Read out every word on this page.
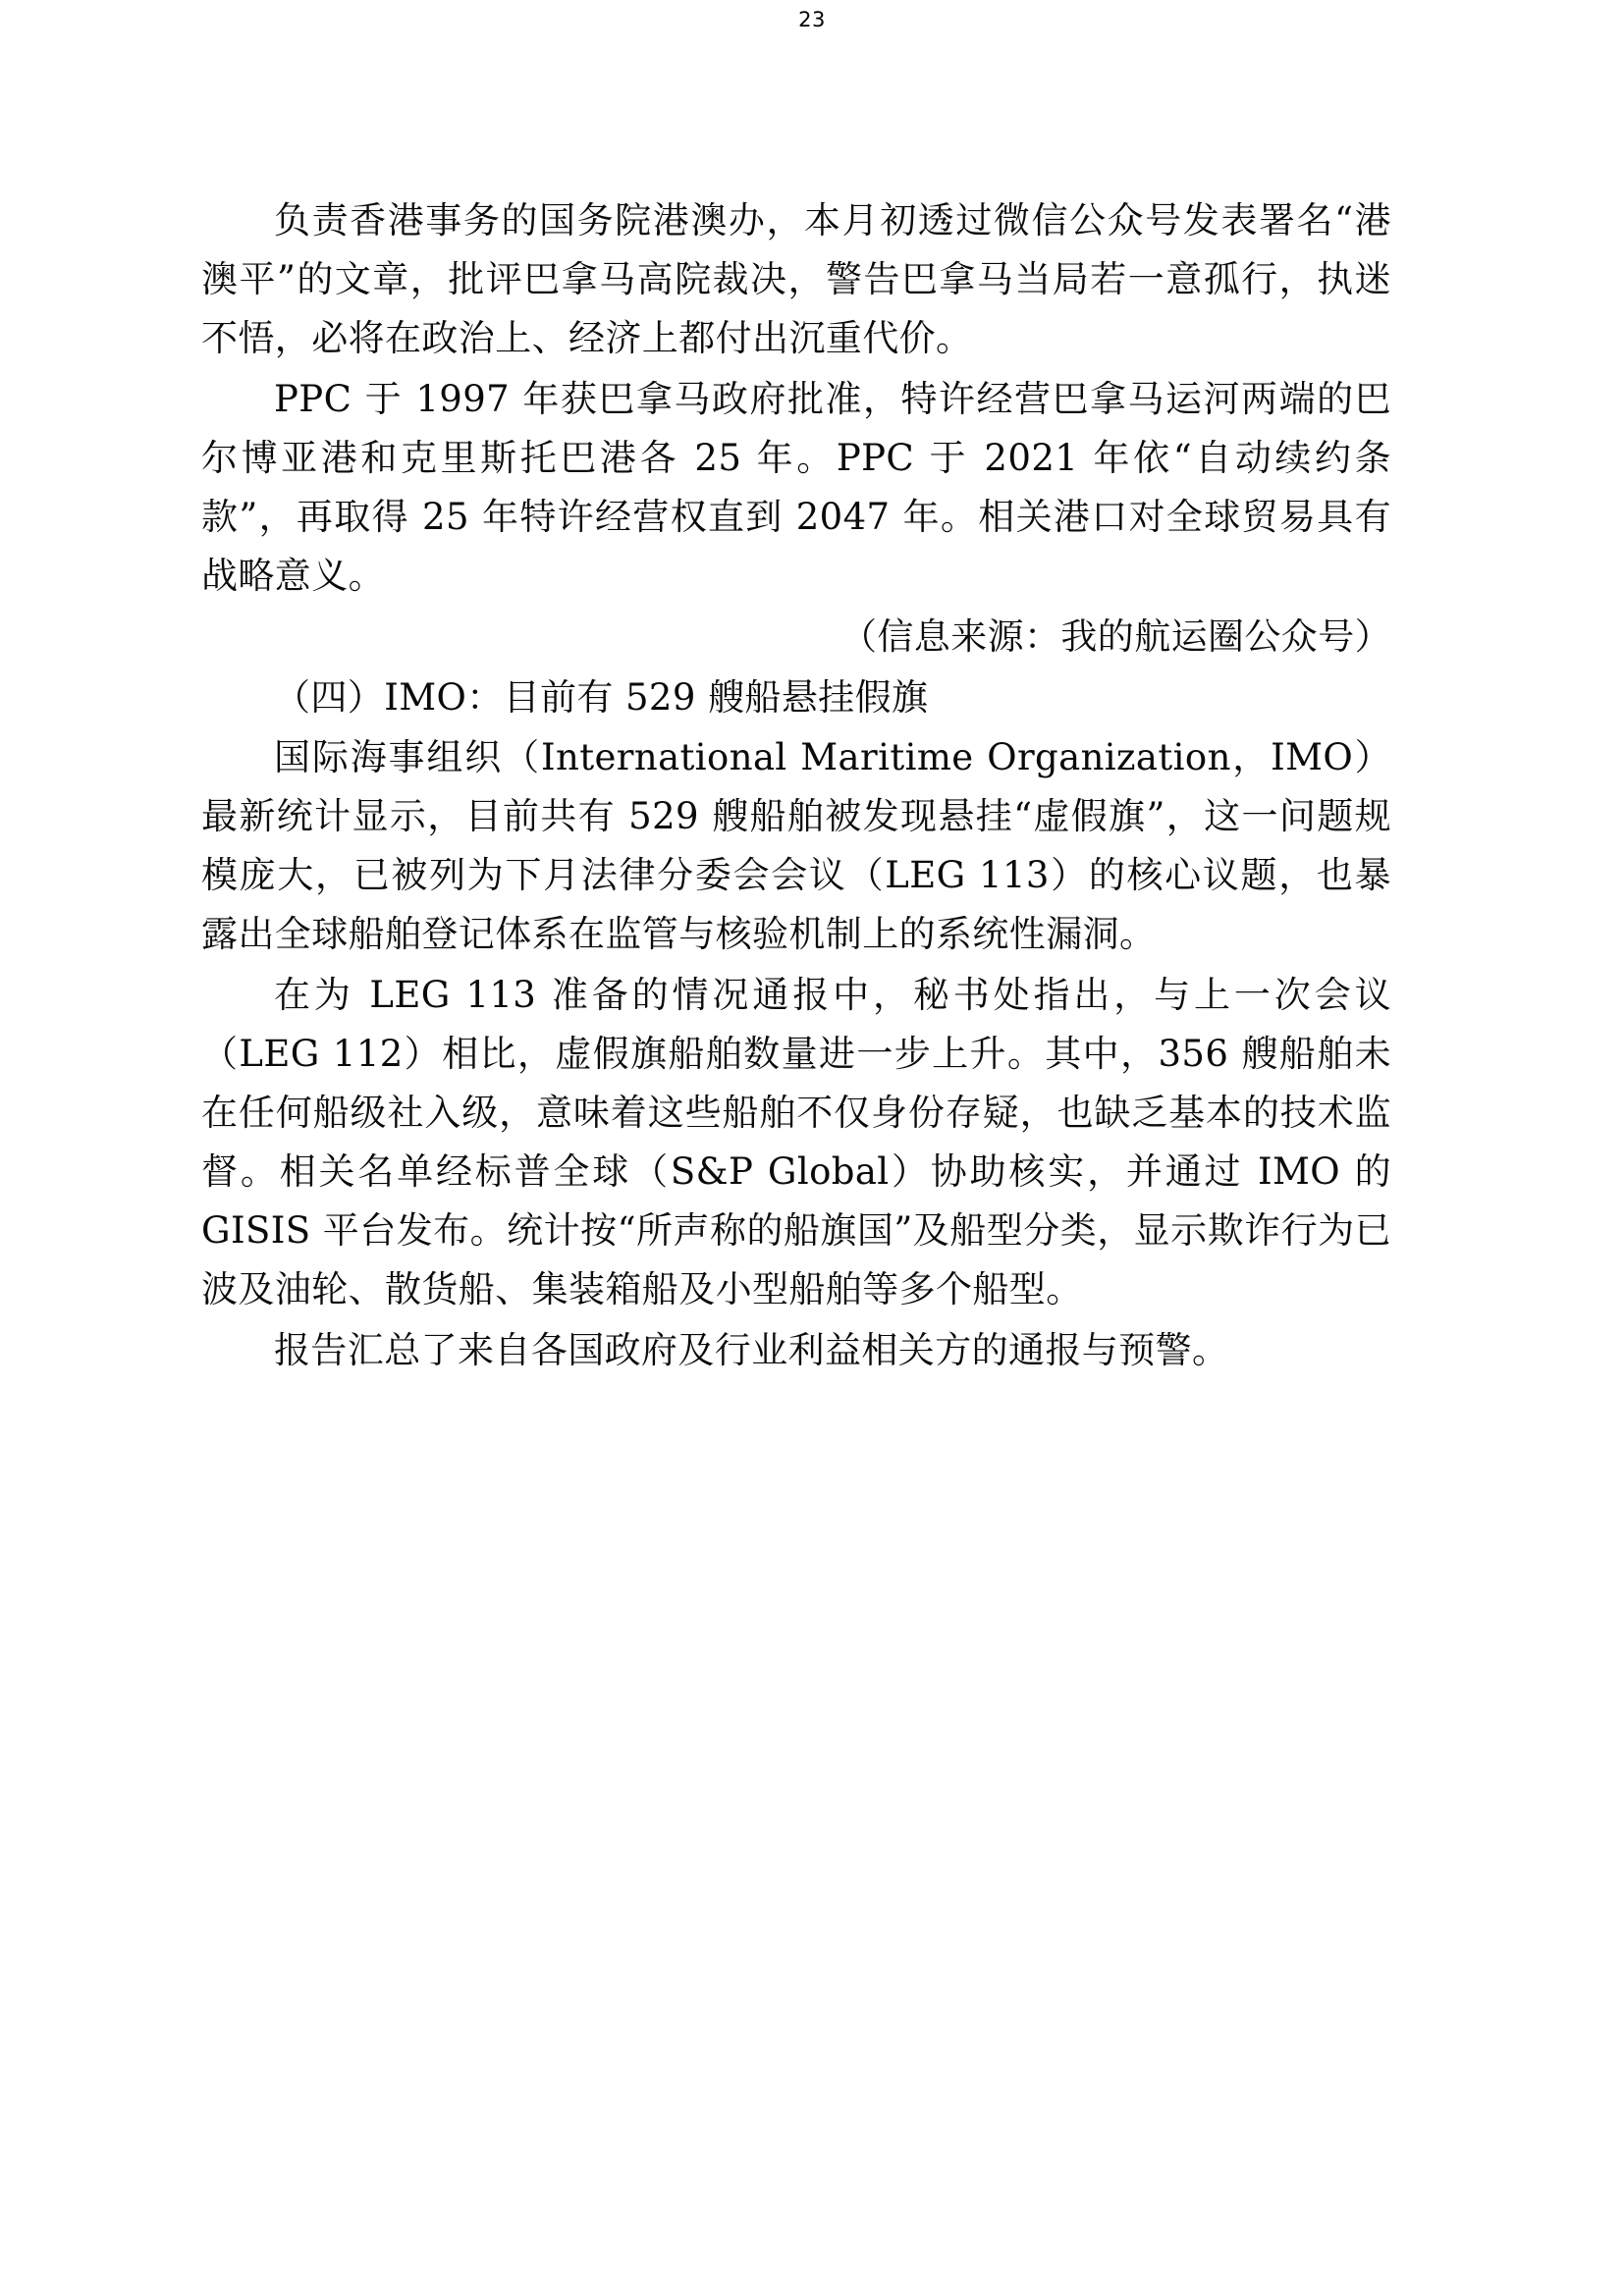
23

负责香港事务的国务院港澳办，本月初透过微信公众号发表署名“港澳平”的文章，批评巴拿马高院裁决，警告巴拿马当局若一意孤行，执迷不悟，必将在政治上、经济上都付出沉重代价。

PPC 于 1997 年获巴拿马政府批准，特许经营巴拿马运河两端的巴尔博亚港和克里斯托巴港各 25 年。PPC 于 2021 年依“自动续约条款”，再取得 25 年特许经营权直到 2047 年。相关港口对全球贸易具有战略意义。

（信息来源：我的航运圈公众号）

（四）IMO：目前有 529 艘船悬挂假旗

国际海事组织（International Maritime Organization，IMO）最新统计显示，目前共有 529 艘船舶被发现悬挂“虚假旗”，这一问题规模庞大，已被列为下月法律分委会会议（LEG 113）的核心议题，也暴露出全球船舶登记体系在监管与核验机制上的系统性漏洞。

在为 LEG 113 准备的情况通报中，秘书处指出，与上一次会议（LEG 112）相比，虚假旗船舶数量进一步上升。其中，356 艘船舶未在任何船级社入级，意味着这些船舶不仅身份存疑，也缺乏基本的技术监督。相关名单经标普全球（S&P Global）协助核实，并通过 IMO 的 GISIS 平台发布。统计按“所声称的船旗国”及船型分类，显示欺诈行为已波及油轮、散货船、集装箱船及小型船舶等多个船型。

报告汇总了来自各国政府及行业利益相关方的通报与预警。
